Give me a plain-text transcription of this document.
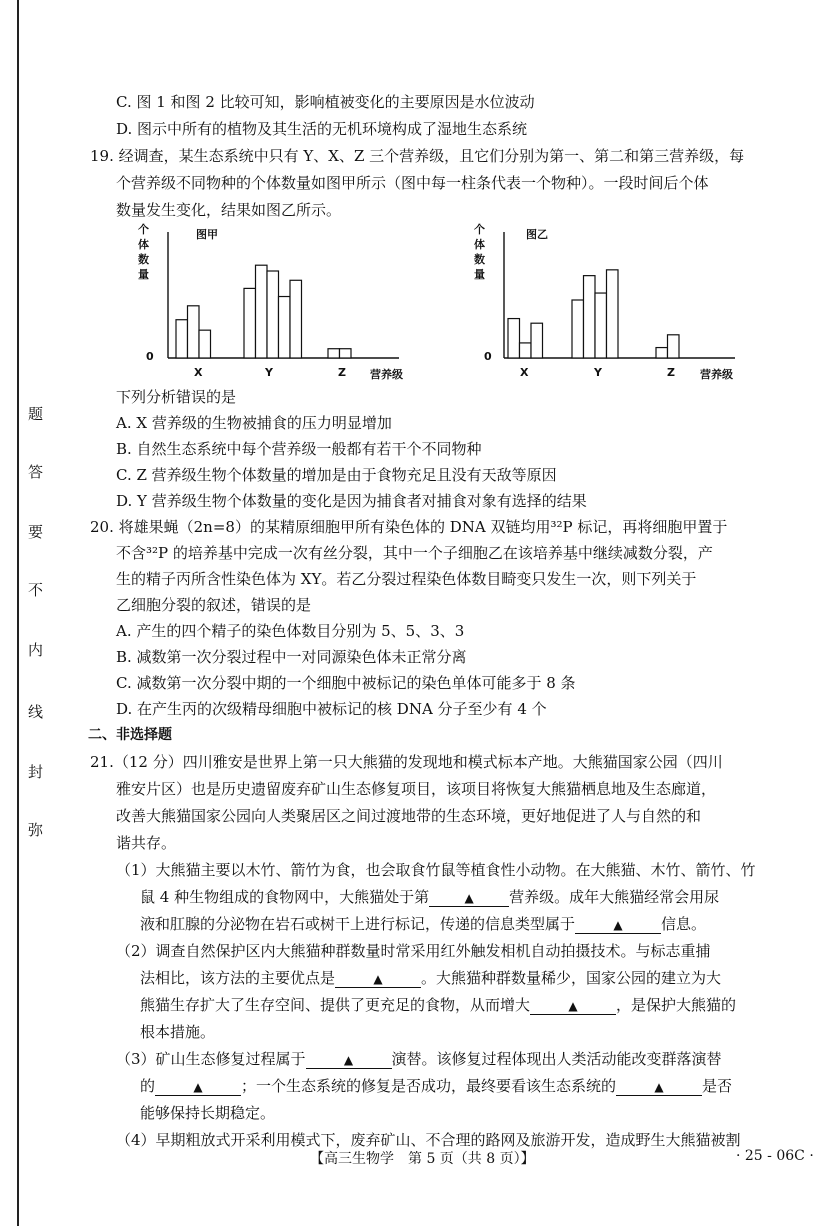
弥
封
线
内
不
要
答
题
C. 图 1 和图 2 比较可知，影响植被变化的主要原因是水位波动
D. 图示中所有的植物及其生活的无机环境构成了湿地生态系统
19. 经调查，某生态系统中只有 Y、X、Z 三个营养级，且它们分别为第一、第二和第三营养级，每
个营养级不同物种的个体数量如图甲所示（图中每一柱条代表一个物种）。一段时间后个体
数量发生变化，结果如图乙所示。
个体数量
图甲
0
营养级
X	Y	Z
个体数量
图乙
0
营养级
X	Y	Z
下列分析错误的是
A. X 营养级的生物被捕食的压力明显增加
B. 自然生态系统中每个营养级一般都有若干个不同物种
C. Z 营养级生物个体数量的增加是由于食物充足且没有天敌等原因
D. Y 营养级生物个体数量的变化是因为捕食者对捕食对象有选择的结果
20. 将雄果蝇（2n=8）的某精原细胞甲所有染色体的 DNA 双链均用³²P 标记，再将细胞甲置于
不含³²P 的培养基中完成一次有丝分裂，其中一个子细胞乙在该培养基中继续减数分裂，产
生的精子丙所含性染色体为 XY。若乙分裂过程染色体数目畸变只发生一次，则下列关于
乙细胞分裂的叙述，错误的是
A. 产生的四个精子的染色体数目分别为 5、5、3、3
B. 减数第一次分裂过程中一对同源染色体未正常分离
C. 减数第一次分裂中期的一个细胞中被标记的染色单体可能多于 8 条
D. 在产生丙的次级精母细胞中被标记的核 DNA 分子至少有 4 个
二、非选择题
21.（12 分）四川雅安是世界上第一只大熊猫的发现地和模式标本产地。大熊猫国家公园（四川
雅安片区）也是历史遗留废弃矿山生态修复项目，该项目将恢复大熊猫栖息地及生态廊道，
改善大熊猫国家公园向人类聚居区之间过渡地带的生态环境，更好地促进了人与自然的和
谐共存。
（1）大熊猫主要以木竹、箭竹为食，也会取食竹鼠等植食性小动物。在大熊猫、木竹、箭竹、竹
鼠 4 种生物组成的食物网中，大熊猫处于第	▲ 营养级。成年大熊猫经常会用尿
液和肛腺的分泌物在岩石或树干上进行标记，传递的信息类型属于	▲	信息。
（2）调查自然保护区内大熊猫种群数量时常采用红外触发相机自动拍摄技术。与标志重捕
法相比，该方法的主要优点是	▲	。大熊猫种群数量稀少，国家公园的建立为大
熊猫生存扩大了生存空间、提供了更充足的食物，从而增大	▲	，是保护大熊猫的
根本措施。
（3）矿山生态修复过程属于	▲	演替。该修复过程体现出人类活动能改变群落演替
的	▲	；一个生态系统的修复是否成功，最终要看该生态系统的	▲	是否
能够保持长期稳定。
（4）早期粗放式开采利用模式下，废弃矿山、不合理的路网及旅游开发，造成野生大熊猫被割
【高三生物学　第 5 页（共 8 页）】	· 25 - 06C ·
